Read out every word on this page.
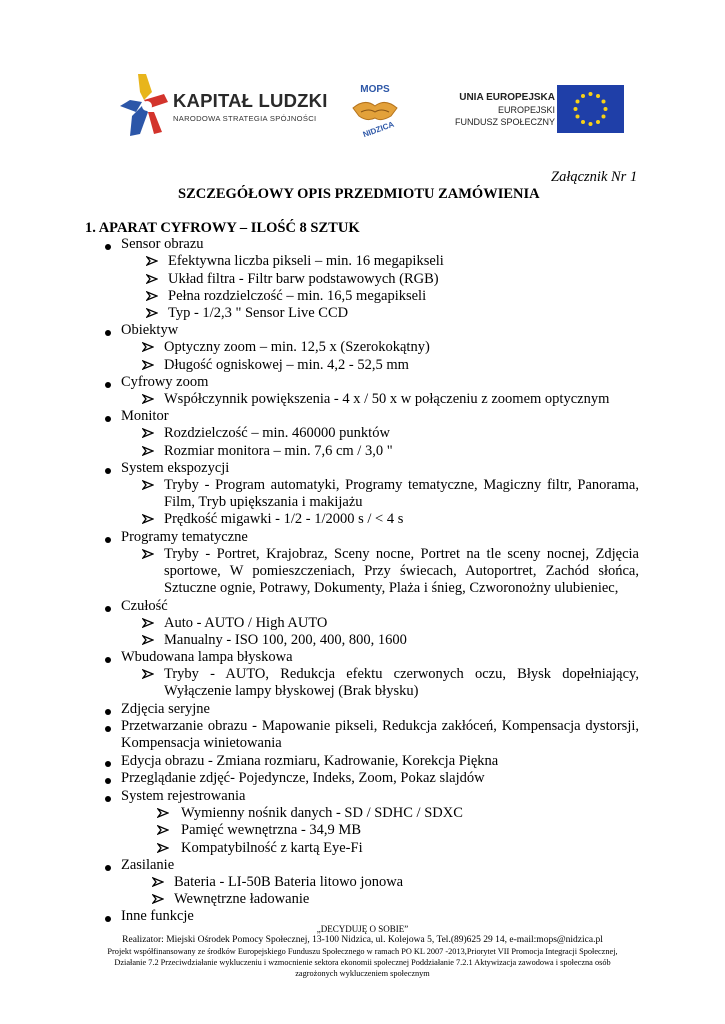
KAPITAŁ LUDZKI
NARODOWA STRATEGIA SPÓJNOŚCI
MOPS
NIDZICA
UNIA EUROPEJSKA
EUROPEJSKI
FUNDUSZ SPOŁECZNY
Załącznik Nr 1
SZCZEGÓŁOWY OPIS PRZEDMIOTU ZAMÓWIENIA
1. APARAT CYFROWY – ILOŚĆ 8 SZTUK
Sensor obrazu
Efektywna liczba pikseli – min. 16 megapikseli
Układ filtra - Filtr barw podstawowych (RGB)
Pełna rozdzielczość – min. 16,5 megapikseli
Typ - 1/2,3 " Sensor Live CCD
Obiektyw
Optyczny zoom – min. 12,5 x (Szerokokątny)
Długość ogniskowej – min. 4,2 - 52,5 mm
Cyfrowy zoom
Współczynnik powiększenia - 4 x / 50 x w połączeniu z zoomem optycznym
Monitor
Rozdzielczość – min. 460000 punktów
Rozmiar monitora – min. 7,6 cm / 3,0 "
System ekspozycji
Tryby - Program automatyki, Programy tematyczne, Magiczny filtr, Panorama,
Film, Tryb upiększania i makijażu
Prędkość migawki - 1/2 - 1/2000 s / < 4 s
Programy tematyczne
Tryby - Portret, Krajobraz, Sceny nocne, Portret na tle sceny nocnej, Zdjęcia
sportowe, W pomieszczeniach, Przy świecach, Autoportret, Zachód słońca,
Sztuczne ognie, Potrawy, Dokumenty, Plaża i śnieg, Czworonożny ulubieniec,
Czułość
Auto - AUTO / High AUTO
Manualny - ISO 100, 200, 400, 800, 1600
Wbudowana lampa błyskowa
Tryby - AUTO, Redukcja efektu czerwonych oczu, Błysk dopełniający,
Wyłączenie lampy błyskowej (Brak błysku)
Zdjęcia seryjne
Przetwarzanie obrazu - Mapowanie pikseli, Redukcja zakłóceń, Kompensacja dystorsji,
Kompensacja winietowania
Edycja obrazu - Zmiana rozmiaru, Kadrowanie, Korekcja Piękna
Przeglądanie zdjęć- Pojedyncze, Indeks, Zoom, Pokaz slajdów
System rejestrowania
Wymienny nośnik danych - SD / SDHC / SDXC
Pamięć wewnętrzna - 34,9 MB
Kompatybilność z kartą Eye-Fi
Zasilanie
Bateria - LI-50B Bateria litowo jonowa
Wewnętrzne ładowanie
Inne funkcje
„DECYDUJĘ O SOBIE”
Realizator: Miejski Ośrodek Pomocy Społecznej, 13-100 Nidzica, ul. Kolejowa 5, Tel.(89)625 29 14, e-mail:mops@nidzica.pl
Projekt współfinansowany ze środków Europejskiego Funduszu Społecznego w ramach PO KL 2007 -2013,Priorytet VII Promocja Integracji Społecznej,
Działanie 7.2 Przeciwdziałanie wykluczeniu i wzmocnienie sektora ekonomii społecznej Poddziałanie 7.2.1 Aktywizacja zawodowa i społeczna osób
zagrożonych wykluczeniem społecznym
